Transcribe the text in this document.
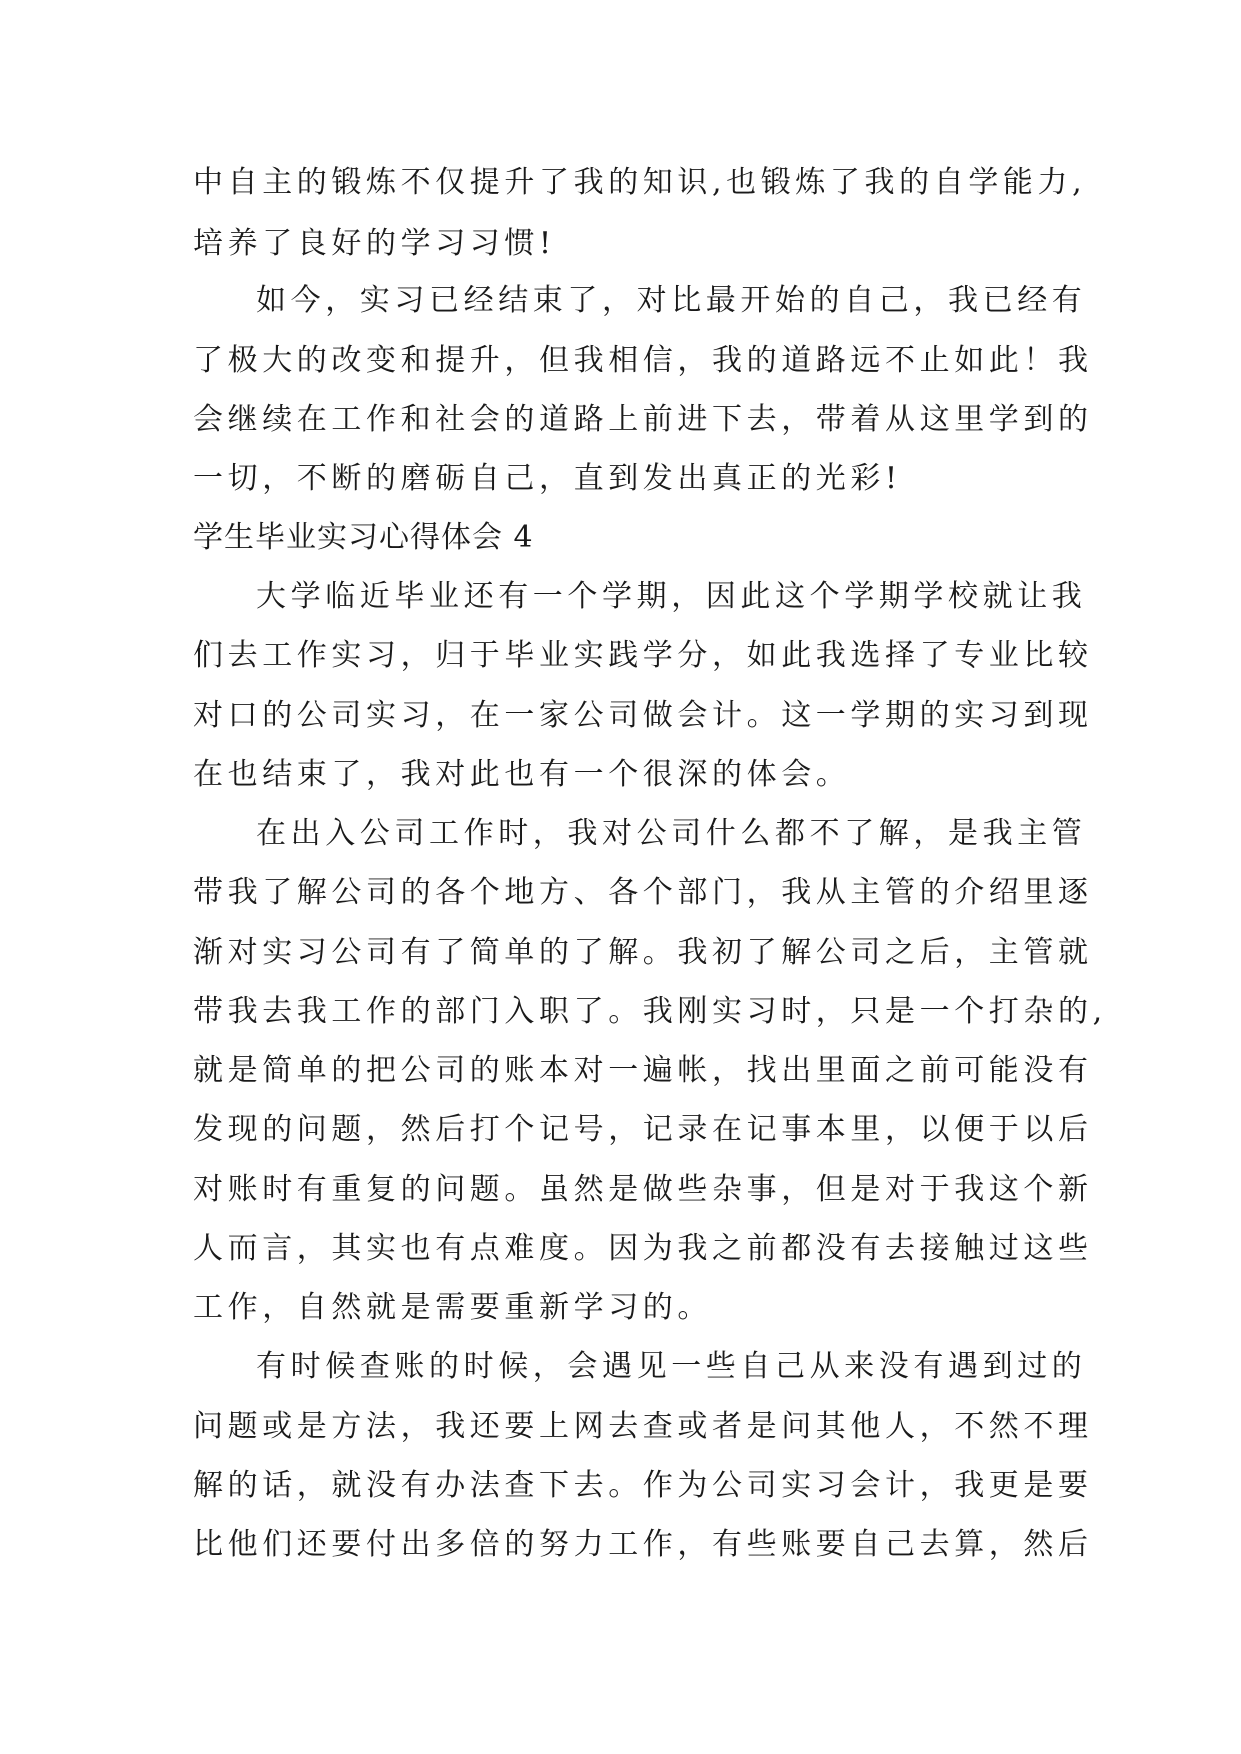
中自主的锻炼不仅提升了我的知识,也锻炼了我的自学能力,
培养了良好的学习习惯!
如今，实习已经结束了，对比最开始的自己，我已经有
了极大的改变和提升，但我相信，我的道路远不止如此！我
会继续在工作和社会的道路上前进下去，带着从这里学到的
一切，不断的磨砺自己，直到发出真正的光彩!
学生毕业实习心得体会 4
大学临近毕业还有一个学期，因此这个学期学校就让我
们去工作实习，归于毕业实践学分，如此我选择了专业比较
对口的公司实习，在一家公司做会计。这一学期的实习到现
在也结束了，我对此也有一个很深的体会。
在出入公司工作时，我对公司什么都不了解，是我主管
带我了解公司的各个地方、各个部门，我从主管的介绍里逐
渐对实习公司有了简单的了解。我初了解公司之后，主管就
带我去我工作的部门入职了。我刚实习时，只是一个打杂的,
就是简单的把公司的账本对一遍帐，找出里面之前可能没有
发现的问题，然后打个记号，记录在记事本里，以便于以后
对账时有重复的问题。虽然是做些杂事，但是对于我这个新
人而言，其实也有点难度。因为我之前都没有去接触过这些
工作，自然就是需要重新学习的。
有时候查账的时候，会遇见一些自己从来没有遇到过的
问题或是方法，我还要上网去查或者是问其他人，不然不理
解的话，就没有办法查下去。作为公司实习会计，我更是要
比他们还要付出多倍的努力工作，有些账要自己去算，然后
